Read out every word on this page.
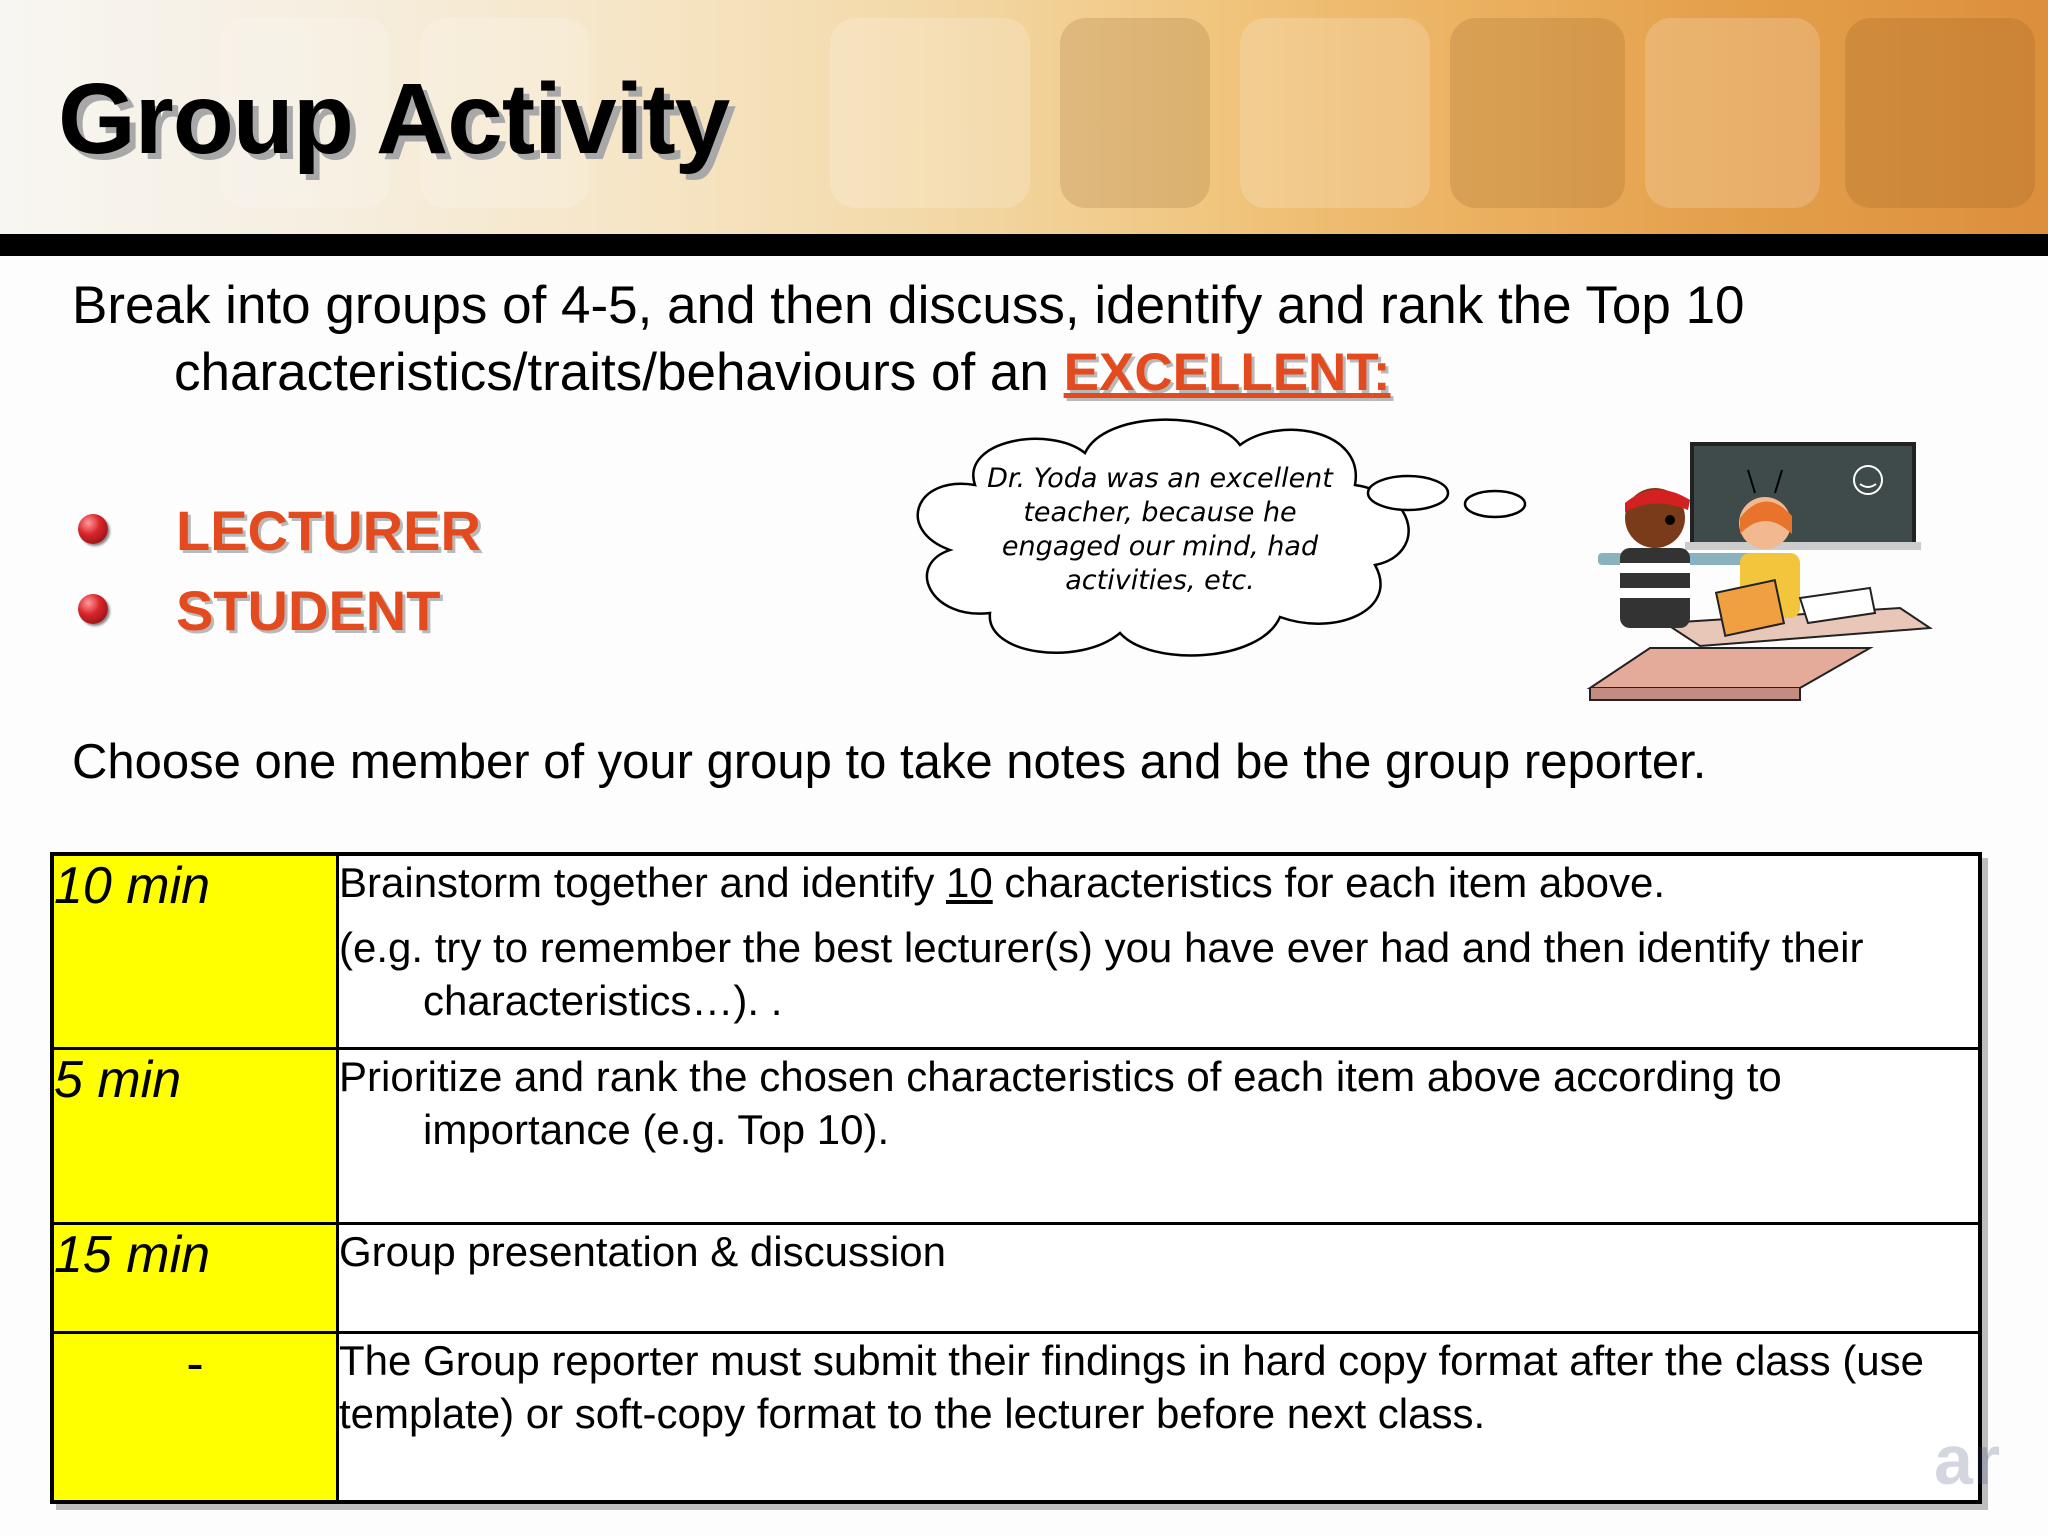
Group Activity

Break into groups of 4-5, and then discuss, identify and rank the Top 10 characteristics/traits/behaviours of an EXCELLENT:

LECTURER
STUDENT

Dr. Yoda was an excellent teacher, because he engaged our mind, had activities, etc.

Choose one member of your group to take notes and be the group reporter.

10 min	Brainstorm together and identify 10 characteristics for each item above.

(e.g. try to remember the best lecturer(s) you have ever had and then identify their characteristics…). .

5 min	Prioritize and rank the chosen characteristics of each item above according to importance (e.g. Top 10).

15 min	Group presentation & discussion

-	The Group reporter must submit their findings in hard copy format after the class (use template) or soft-copy format to the lecturer before next class.

ar
